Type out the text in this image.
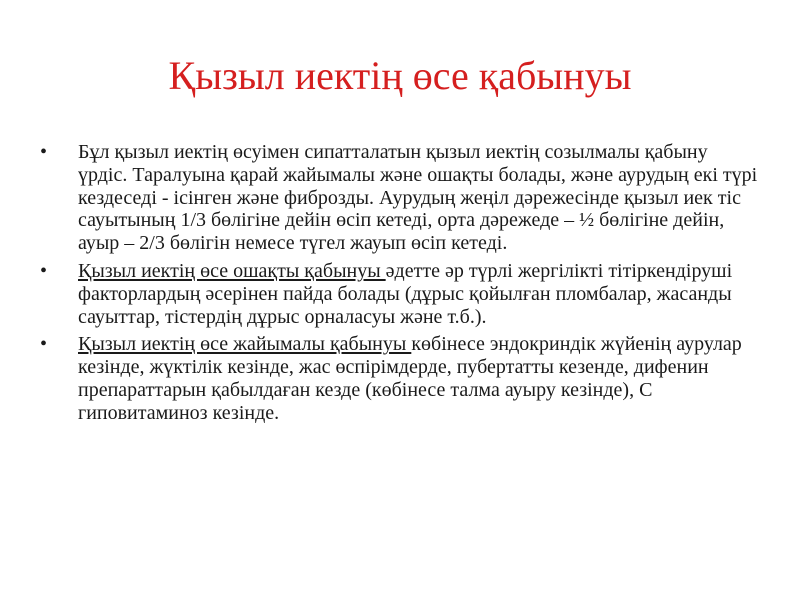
Қызыл иектің өсе қабынуы
•	Бұл қызыл иектің өсуімен сипатталатын қызыл иектің созылмалы қабыну үрдіс. Таралуына қарай жайымалы және ошақты болады, және аурудың екі түрі кездеседі - ісінген және фиброзды. Аурудың жеңіл дәрежесінде қызыл иек тіс сауытының 1/3 бөлігіне дейін өсіп кетеді, орта дәрежеде – ½ бөлігіне дейін, ауыр – 2/3 бөлігін немесе түгел жауып өсіп кетеді.
•	Қызыл иектің өсе ошақты қабынуы әдетте әр түрлі жергілікті тітіркендіруші факторлардың әсерінен пайда болады (дұрыс қойылған пломбалар, жасанды сауыттар, тістердің дұрыс орналасуы және т.б.).
•	Қызыл иектің өсе жайымалы қабынуы көбінесе эндокриндік жүйенің аурулар кезінде, жүктілік кезінде, жас өспірімдерде, пубертатты кезенде, дифенин препараттарын қабылдаған кезде (көбінесе талма ауыру кезінде), С гиповитаминоз кезінде.
